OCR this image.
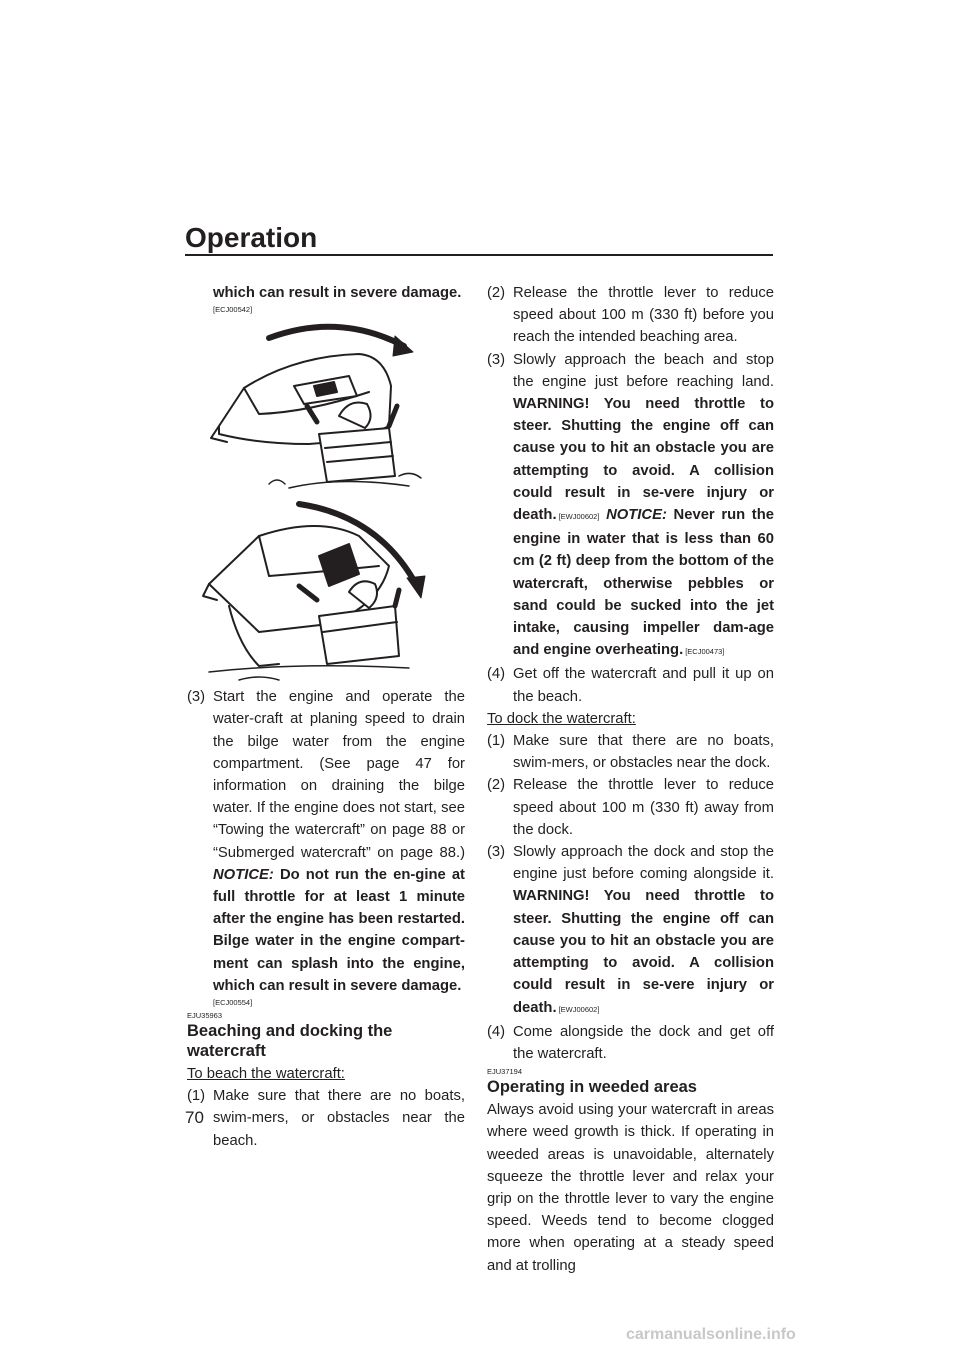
Operation

which can result in severe damage.

[ECJ00542]
(3) Start the engine and operate the water-craft at planing speed to drain the bilge water from the engine compartment. (See page 47 for information on draining the bilge water. If the engine does not start, see “Towing the watercraft” on page 88 or “Submerged watercraft” on page 88.) NOTICE: Do not run the en-gine at full throttle for at least 1 minute after the engine has been restarted. Bilge water in the engine compart-ment can splash into the engine, which can result in severe damage.
[ECJ00554]
EJU35963
Beaching and docking the watercraft

To beach the watercraft:

(1) Make sure that there are no boats, swim-mers, or obstacles near the beach.
(2) Release the throttle lever to reduce speed about 100 m (330 ft) before you reach the intended beaching area.
(3) Slowly approach the beach and stop the engine just before reaching land. WARNING! You need throttle to steer. Shutting the engine off can cause you to hit an obstacle you are attempting to avoid. A collision could result in se-vere injury or death. [EWJ00602] NOTICE: Never run the engine in water that is less than 60 cm (2 ft) deep from the bottom of the watercraft, otherwise pebbles or sand could be sucked into the jet intake, causing impeller dam-age and engine overheating. [ECJ00473]
(4) Get off the watercraft and pull it up on the beach.

To dock the watercraft:

(1) Make sure that there are no boats, swim-mers, or obstacles near the dock.
(2) Release the throttle lever to reduce speed about 100 m (330 ft) away from the dock.
(3) Slowly approach the dock and stop the engine just before coming alongside it. WARNING! You need throttle to steer. Shutting the engine off can cause you to hit an obstacle you are attempting to avoid. A collision could result in se-vere injury or death. [EWJ00602]
(4) Come alongside the dock and get off the watercraft.
EJU37194
Operating in weeded areas

Always avoid using your watercraft in areas where weed growth is thick. If operating in weeded areas is unavoidable, alternately squeeze the throttle lever and relax your grip on the throttle lever to vary the engine speed. Weeds tend to become clogged more when operating at a steady speed and at trolling

70
carmanualsonline.info
